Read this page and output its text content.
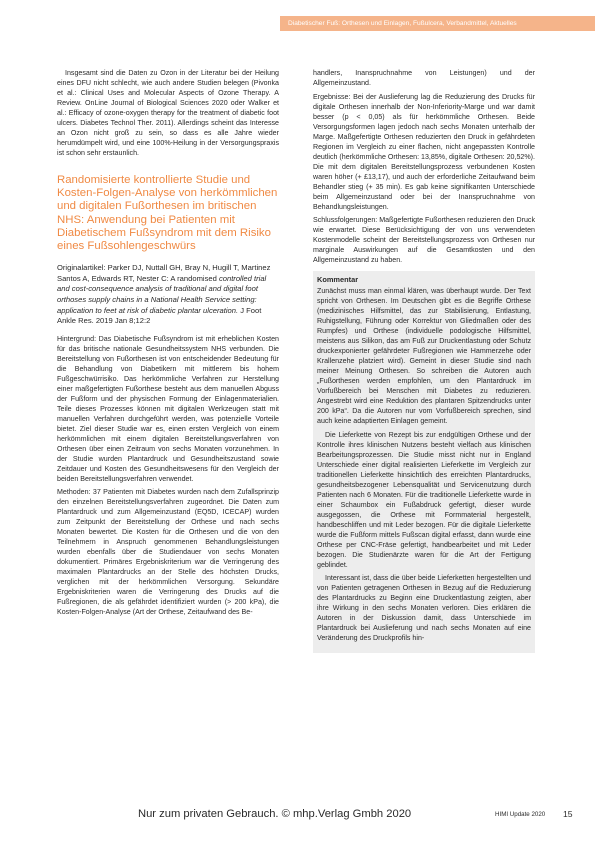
Diabetischer Fuß: Orthesen und Einlagen, Fußulcera, Verbandmittel, Aktuelles

Insgesamt sind die Daten zu Ozon in der Literatur bei der Heilung eines DFU nicht schlecht, wie auch andere Studien belegen (Pivonka et al.: Clinical Uses and Molecular Aspects of Ozone Therapy. A Review. OnLine Journal of Biological Sciences 2020 oder Walker et al.: Efficacy of ozone-oxygen therapy for the treatment of diabetic foot ulcers. Diabetes Technol Ther. 2011). Allerdings scheint das Interesse an Ozon nicht groß zu sein, so dass es alle Jahre wieder herumdümpelt wird, und eine 100%-Heilung in der Versorgungspraxis ist schon sehr erstaunlich.

Randomisierte kontrollierte Studie und Kosten-Folgen-Analyse von herkömmlichen und digitalen Fußorthesen im britischen NHS: Anwendung bei Patienten mit Diabetischem Fußsyndrom mit dem Risiko eines Fußsohlengeschwürs

Originalartikel: Parker DJ, Nuttall GH, Bray N, Hugill T, Martinez Santos A, Edwards RT, Nester C: A randomised controlled trial and cost-consequence analysis of traditional and digital foot orthoses supply chains in a National Health Service setting: application to feet at risk of diabetic plantar ulceration. J Foot Ankle Res. 2019 Jan 8;12:2

Hintergrund: Das Diabetische Fußsyndrom ist mit erheblichen Kosten für das britische nationale Gesundheitssystem NHS verbunden. Die Bereitstellung von Fußorthesen ist von entscheidender Bedeutung für die Behandlung von Diabetikern mit mittlerem bis hohem Fußgeschwürrisiko. Das herkömmliche Verfahren zur Herstellung einer maßgefertigten Fußorthese besteht aus dem manuellen Abguss der Fußform und der physischen Formung der Einlagenmaterialien. Teile dieses Prozesses können mit digitalen Werkzeugen statt mit manuellen Verfahren durchgeführt werden, was potenzielle Vorteile bietet. Ziel dieser Studie war es, einen ersten Vergleich von einem herkömmlichen mit einem digitalen Bereitstellungsverfahren von Orthesen über einen Zeitraum von sechs Monaten vorzunehmen. In der Studie wurden Plantardruck und Gesundheitszustand sowie Zeitdauer und Kosten des Gesundheitswesens für den Vergleich der beiden Bereitstellungsverfahren verwendet.

Methoden: 37 Patienten mit Diabetes wurden nach dem Zufallsprinzip den einzelnen Bereitstellungsverfahren zugeordnet. Die Daten zum Plantardruck und zum Allgemeinzustand (EQ5D, ICECAP) wurden zum Zeitpunkt der Bereitstellung der Orthese und nach sechs Monaten bewertet. Die Kosten für die Orthesen und die von den Teilnehmern in Anspruch genommenen Behandlungsleistungen wurden ebenfalls über die Studiendauer von sechs Monaten dokumentiert. Primäres Ergebniskriterium war die Verringerung des maximalen Plantardrucks an der Stelle des höchsten Drucks, verglichen mit der herkömmlichen Versorgung. Sekundäre Ergebniskriterien waren die Verringerung des Drucks auf die Fußregionen, die als gefährdet identifiziert wurden (> 200 kPa), die Kosten-Folgen-Analyse (Art der Orthese, Zeitaufwand des Be-

handlers, Inanspruchnahme von Leistungen) und der Allgemeinzustand.

Ergebnisse: Bei der Auslieferung lag die Reduzierung des Drucks für digitale Orthesen innerhalb der Non-Inferiority-Marge und war damit besser (p < 0,05) als für herkömmliche Orthesen. Beide Versorgungsformen lagen jedoch nach sechs Monaten unterhalb der Marge. Maßgefertigte Orthesen reduzierten den Druck in gefährdeten Regionen im Vergleich zu einer flachen, nicht angepassten Kontrolle deutlich (herkömmliche Orthesen: 13,85%, digitale Orthesen: 20,52%). Die mit dem digitalen Bereitstellungsprozess verbundenen Kosten waren höher (+ £13,17), und auch der erforderliche Zeitaufwand beim Behandler stieg (+ 35 min). Es gab keine signifikanten Unterschiede beim Allgemeinzustand oder bei der Inanspruchnahme von Behandlungsleistungen.

Schlussfolgerungen: Maßgefertigte Fußorthesen reduzieren den Druck wie erwartet. Diese Berücksichtigung der von uns verwendeten Kostenmodelle scheint der Bereitstellungsprozess von Orthesen nur marginale Auswirkungen auf die Gesamtkosten und den Allgemeinzustand zu haben.

Kommentar

Zunächst muss man einmal klären, was überhaupt wurde. Der Text spricht von Orthesen. Im Deutschen gibt es die Begriffe Orthese (medizinisches Hilfsmittel, das zur Stabilisierung, Entlastung, Ruhigstellung, Führung oder Korrektur von Gliedmaßen oder des Rumpfes) und Orthese (individuelle podologische Hilfsmittel, meistens aus Silikon, das am Fuß zur Druckentlastung oder Schutz druckexponierter gefährdeter Fußregionen wie Hammerzehe oder Krallenzehe platziert wird). Gemeint in dieser Studie sind nach meiner Meinung Orthesen. So schreiben die Autoren auch „Fußorthesen werden empfohlen, um den Plantardruck im Vorfußbereich bei Menschen mit Diabetes zu reduzieren. Angestrebt wird eine Reduktion des plantaren Spitzendrucks unter 200 kPa“. Da die Autoren nur vom Vorfußbereich sprechen, sind auch keine adaptierten Einlagen gemeint.

Die Lieferkette von Rezept bis zur endgültigen Orthese und der Kontrolle ihres klinischen Nutzens besteht vielfach aus klinischen Bearbeitungsprozessen. Die Studie misst nicht nur in England Unterschiede einer digital realisierten Lieferkette im Vergleich zur traditionellen Lieferkette hinsichtlich des erreichten Plantardrucks, gesundheitsbezogener Lebensqualität und Servicenutzung durch Patienten nach 6 Monaten. Für die traditionelle Lieferkette wurde in einer Schaumbox ein Fußabdruck gefertigt, dieser wurde ausgegossen, die Orthese mit Formmaterial hergestellt, handbeschliffen und mit Leder bezogen. Für die digitale Lieferkette wurde die Fußform mittels Fußscan digital erfasst, dann wurde eine Orthese per CNC-Fräse gefertigt, handbearbeitet und mit Leder bezogen. Die Studienärzte waren für die Art der Fertigung geblindet.

Interessant ist, dass die über beide Lieferketten hergestellten und von Patienten getragenen Orthesen in Bezug auf die Reduzierung des Plantardrucks zu Beginn eine Druckentlastung zeigten, aber ihre Wirkung in den sechs Monaten verloren. Dies erklären die Autoren in der Diskussion damit, dass Unterschiede im Plantardruck bei Auslieferung und nach sechs Monaten auf eine Veränderung des Druckprofils hin-

Nur zum privaten Gebrauch. © mhp.Verlag Gmbh 2020	HIMI Update 2020 15
